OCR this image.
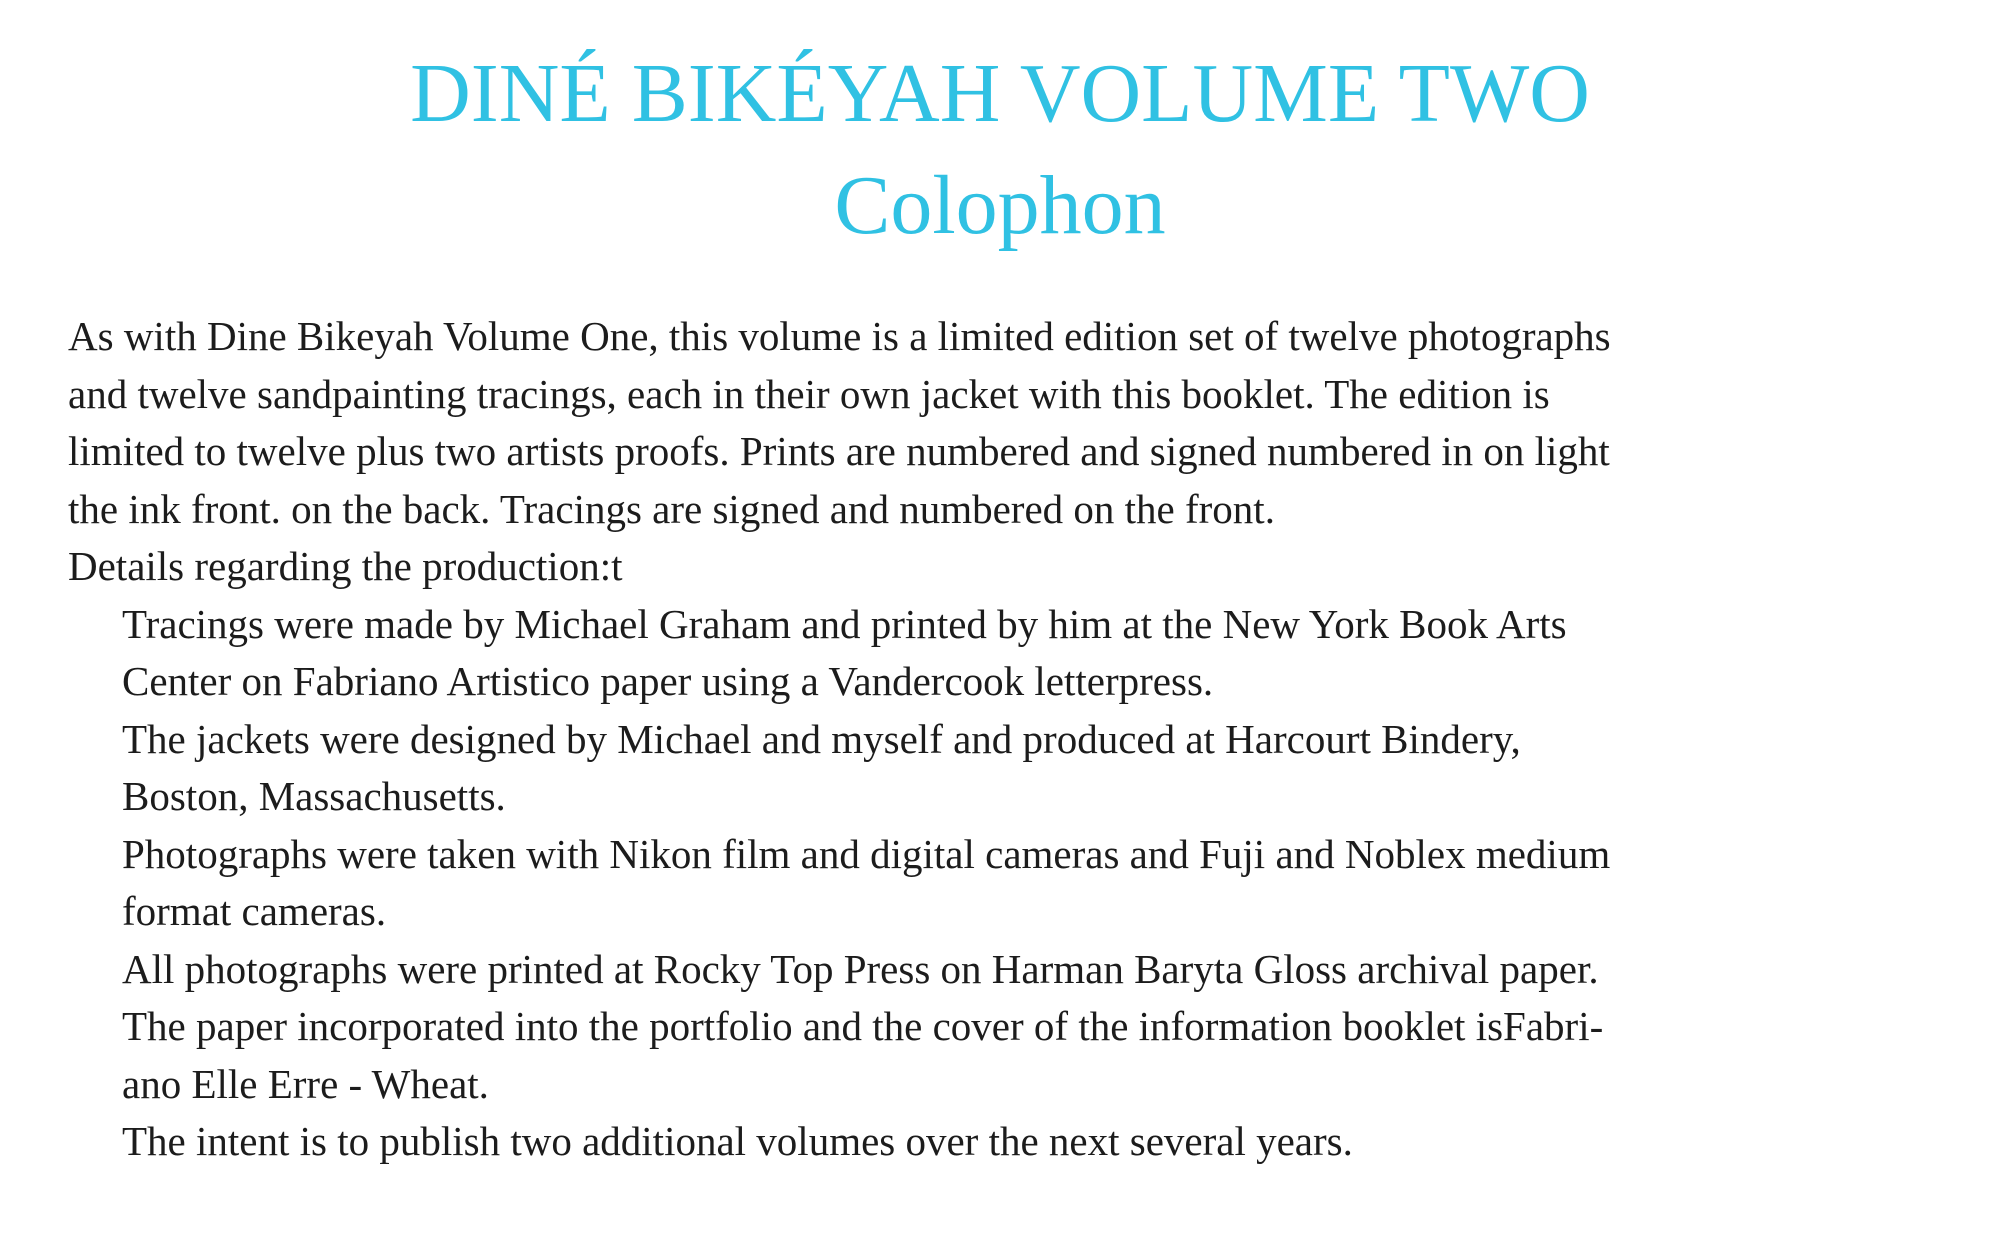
DINÉ BIKÉYAH VOLUME TWO
Colophon
As with Dine Bikeyah Volume One, this volume is a limited edition set of twelve photographs
and twelve sandpainting tracings, each in their own jacket with this booklet. The edition is
limited to twelve plus two artists proofs. Prints are numbered and signed numbered in on light
the ink front. on the back. Tracings are signed and numbered on the front.
Details regarding the production:t
Tracings were made by Michael Graham and printed by him at the New York Book Arts
Center on Fabriano Artistico paper using a Vandercook letterpress.
The jackets were designed by Michael and myself and produced at Harcourt Bindery,
Boston, Massachusetts.
Photographs were taken with Nikon film and digital cameras and Fuji and Noblex medium
format cameras.
All photographs were printed at Rocky Top Press on Harman Baryta Gloss archival paper.
The paper incorporated into the portfolio and the cover of the information booklet isFabri-
ano Elle Erre - Wheat.
The intent is to publish two additional volumes over the next several years.
